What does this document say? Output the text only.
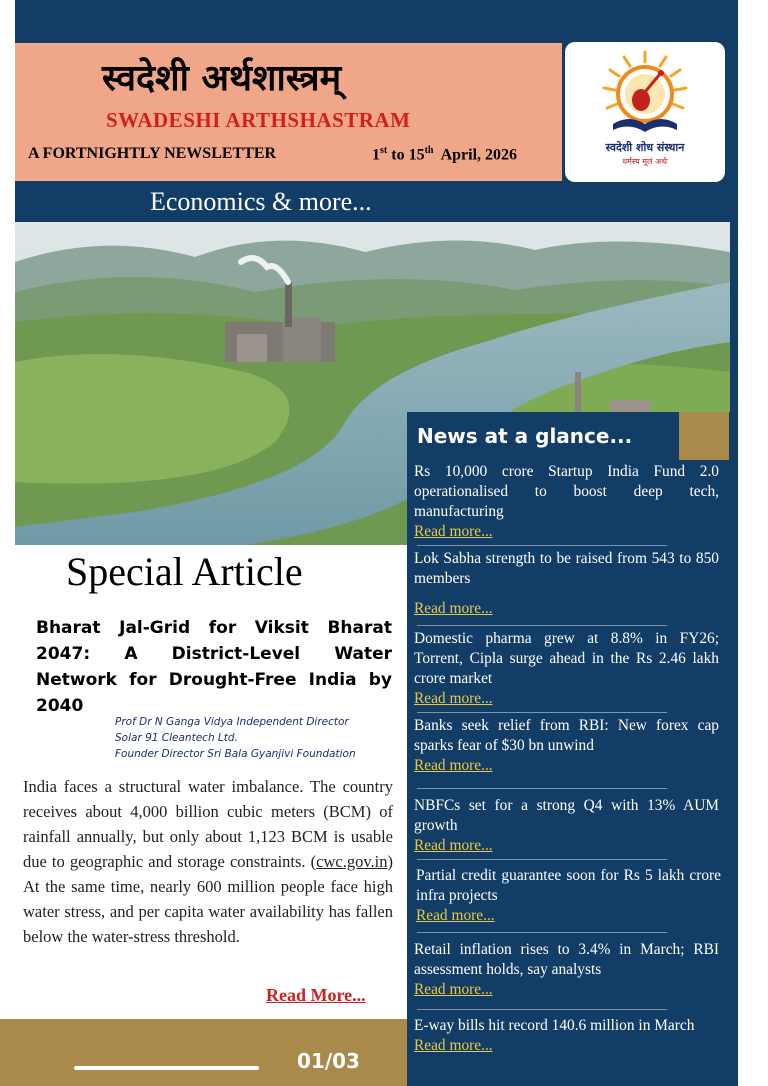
स्वदेशी अर्थशास्त्रम्
SWADESHI ARTHSHASTRAM
A FORTNIGHTLY NEWSLETTER	1st to 15th  April, 2026	स्वदेशी शोध संस्थान
धर्मस्य मूलं अर्थः
Economics & more...
News at a glance...
Rs 10,000 crore Startup India Fund 2.0 operationalised to boost deep tech, manufacturing
Read more...
Lok Sabha strength to be raised from 543 to 850 members
Read more...
Domestic pharma grew at 8.8% in FY26; Torrent, Cipla surge ahead in the Rs 2.46 lakh crore market
Read more...
Banks seek relief from RBI: New forex cap sparks fear of $30 bn unwind
Read more...
NBFCs set for a strong Q4 with 13% AUM growth
Read more...
Partial credit guarantee soon for Rs 5 lakh crore infra projects
Read more...
Retail inflation rises to 3.4% in March; RBI assessment holds, say analysts
Read more...
E-way bills hit record 140.6 million in March
Read more...
Special Article
Bharat Jal-Grid for Viksit Bharat 2047: A District-Level Water Network for Drought-Free India by 2040
Prof Dr N Ganga Vidya Independent Director
Solar 91 Cleantech Ltd.
Founder Director Sri Bala Gyanjivi Foundation
India faces a structural water imbalance. The country receives about 4,000 billion cubic meters (BCM) of rainfall annually, but only about 1,123 BCM is usable due to geographic and storage constraints. (cwc.gov.in) At the same time, nearly 600 million people face high water stress, and per capita water availability has fallen below the water-stress threshold.
Read More...
01/03
